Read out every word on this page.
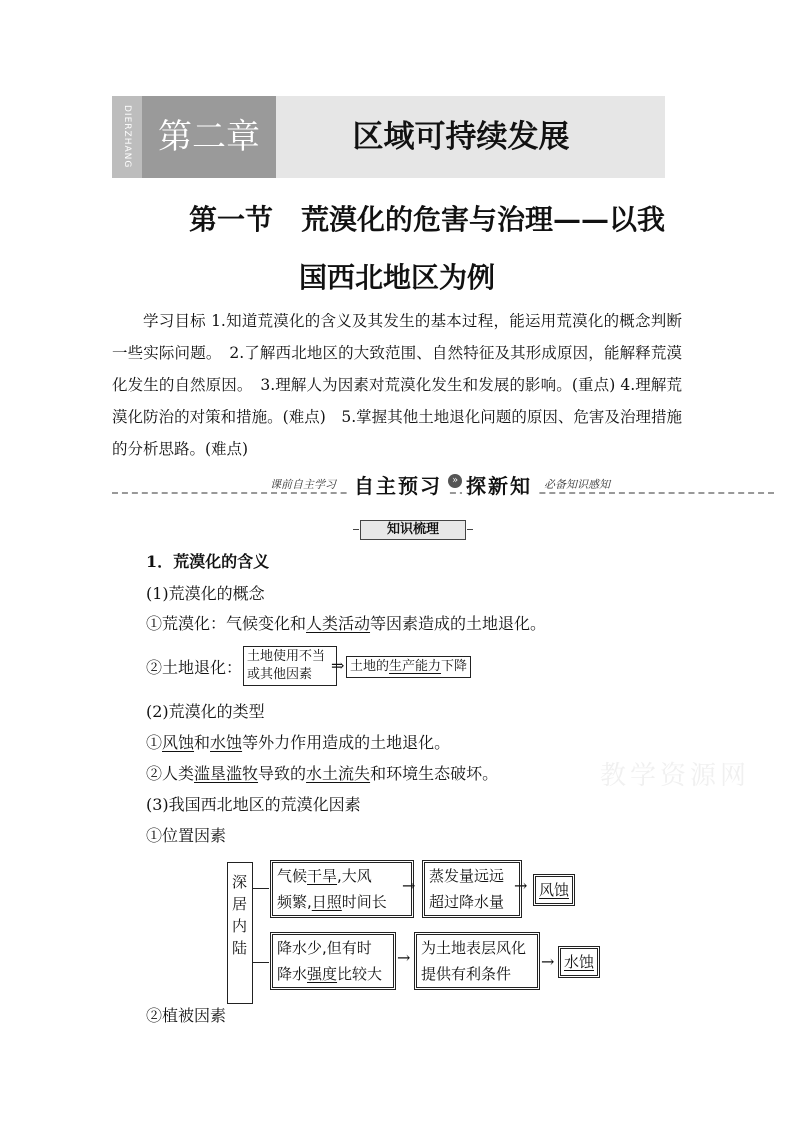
DIERZHANG 第二章	区域可持续发展
第一节　荒漠化的危害与治理——以我
国西北地区为例

学习目标 1.知道荒漠化的含义及其发生的基本过程，能运用荒漠化的概念判断一些实际问题。　2.了解西北地区的大致范围、自然特征及其形成原因，能解释荒漠化发生的自然原因。　3.理解人为因素对荒漠化发生和发展的影响。(重点) 4.理解荒漠化防治的对策和措施。(难点)　5.掌握其他土地退化问题的原因、危害及治理措施的分析思路。(难点)

课前自主学习 自主预习 » 探新知	必备知识感知
知识梳理
1．荒漠化的含义
(1)荒漠化的概念
①荒漠化：气候变化和人类活动等因素造成的土地退化。
②土地退化：
土地使用不当
或其他因素	⇒ 土地的生产能力下降
(2)荒漠化的类型
①风蚀和水蚀等外力作用造成的土地退化。
②人类滥垦滥牧导致的水土流失和环境生态破坏。
(3)我国西北地区的荒漠化因素
①位置因素
深居内陆
气候干旱,大风
频繁,日照时间长
→ 蒸发量远远
超过降水量
→ 风蚀
降水少,但有时
降水强度比较大
→ 为土地表层风化
提供有利条件
→ 水蚀
②植被因素
教学资源网
